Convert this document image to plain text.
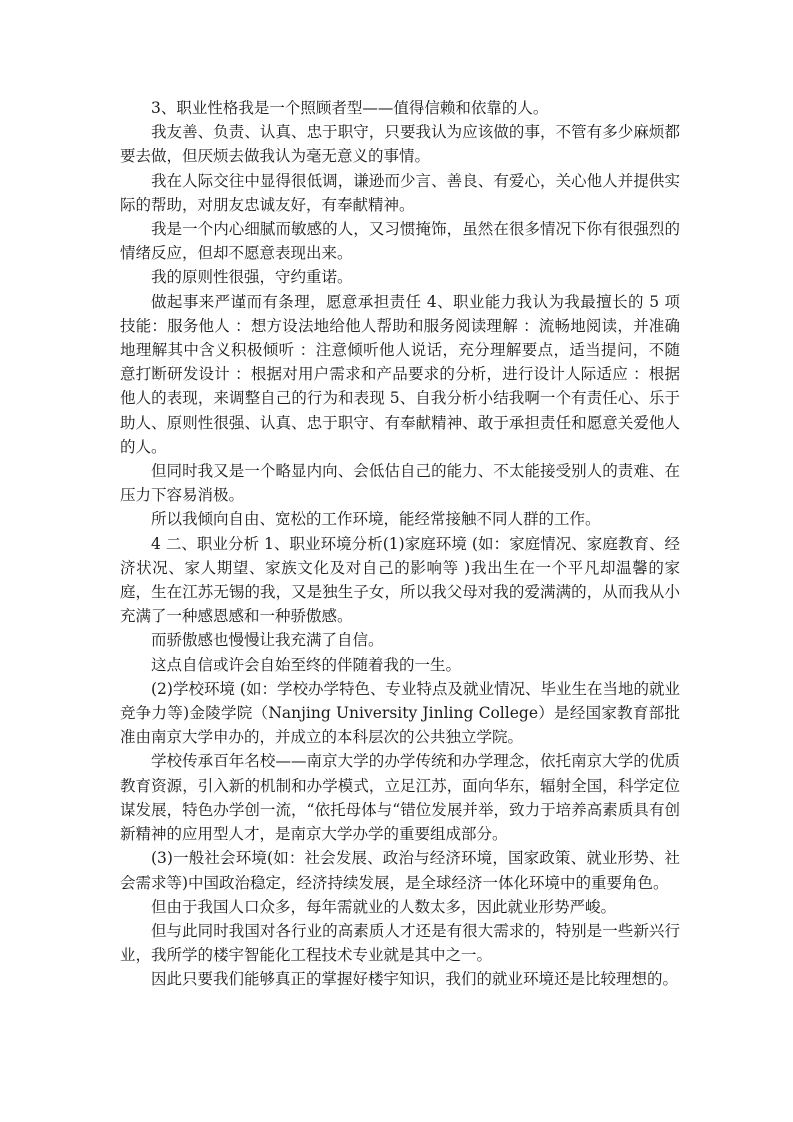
3、职业性格我是一个照顾者型——值得信赖和依靠的人。

我友善、负责、认真、忠于职守，只要我认为应该做的事，不管有多少麻烦都要去做，但厌烦去做我认为毫无意义的事情。

我在人际交往中显得很低调，谦逊而少言、善良、有爱心，关心他人并提供实际的帮助，对朋友忠诚友好，有奉献精神。

我是一个内心细腻而敏感的人，又习惯掩饰，虽然在很多情况下你有很强烈的情绪反应，但却不愿意表现出来。

我的原则性很强，守约重诺。

做起事来严谨而有条理，愿意承担责任 4、职业能力我认为我最擅长的 5 项技能：服务他人 ：想方设法地给他人帮助和服务阅读理解 ：流畅地阅读，并准确地理解其中含义积极倾听 ：注意倾听他人说话，充分理解要点，适当提问，不随意打断研发设计 ：根据对用户需求和产品要求的分析，进行设计人际适应 ：根据他人的表现，来调整自己的行为和表现 5、自我分析小结我啊一个有责任心、乐于助人、原则性很强、认真、忠于职守、有奉献精神、敢于承担责任和愿意关爱他人的人。

但同时我又是一个略显内向、会低估自己的能力、不太能接受别人的责难、在压力下容易消极。

所以我倾向自由、宽松的工作环境，能经常接触不同人群的工作。

4 二、职业分析 1、职业环境分析(1)家庭环境 (如：家庭情况、家庭教育、经济状况、家人期望、家族文化及对自己的影响等 )我出生在一个平凡却温馨的家庭，生在江苏无锡的我，又是独生子女，所以我父母对我的爱满满的，从而我从小充满了一种感恩感和一种骄傲感。

而骄傲感也慢慢让我充满了自信。

这点自信或许会自始至终的伴随着我的一生。

(2)学校环境 (如：学校办学特色、专业特点及就业情况、毕业生在当地的就业竞争力等)金陵学院（Nanjing University Jinling College）是经国家教育部批准由南京大学申办的，并成立的本科层次的公共独立学院。

学校传承百年名校——南京大学的办学传统和办学理念，依托南京大学的优质教育资源，引入新的机制和办学模式，立足江苏，面向华东，辐射全国，科学定位谋发展，特色办学创一流，“依托母体与“错位发展并举，致力于培养高素质具有创新精神的应用型人才，是南京大学办学的重要组成部分。

(3)一般社会环境(如：社会发展、政治与经济环境，国家政策、就业形势、社会需求等)中国政治稳定，经济持续发展，是全球经济一体化环境中的重要角色。

但由于我国人口众多，每年需就业的人数太多，因此就业形势严峻。

但与此同时我国对各行业的高素质人才还是有很大需求的，特别是一些新兴行业，我所学的楼宇智能化工程技术专业就是其中之一。

因此只要我们能够真正的掌握好楼宇知识，我们的就业环境还是比较理想的。
